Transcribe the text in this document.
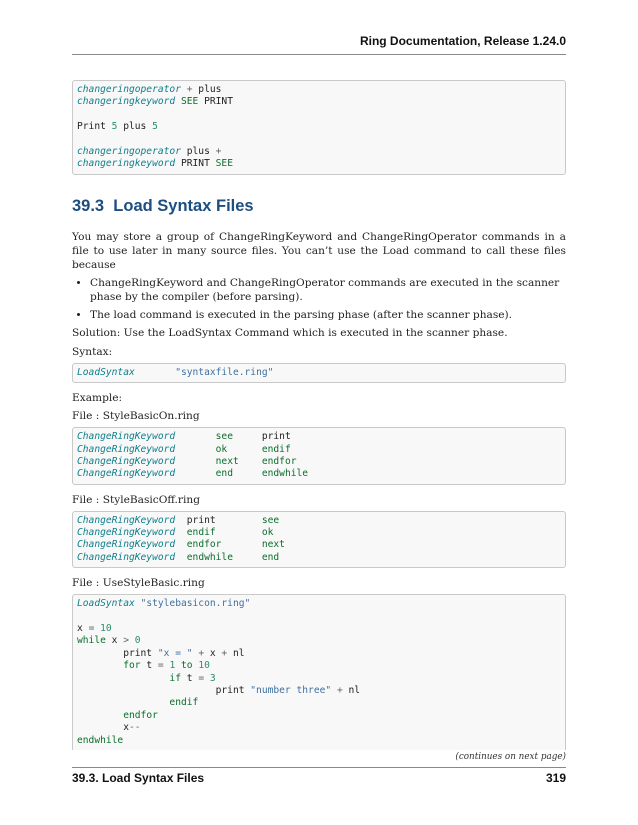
Ring Documentation, Release 1.24.0
changeringoperator + plus
changeringkeyword SEE PRINT

Print 5 plus 5

changeringoperator plus +
changeringkeyword PRINT SEE
39.3 Load Syntax Files

You may store a group of ChangeRingKeyword and ChangeRingOperator commands in a file to use later in many source files. You can’t use the Load command to call these files because

• ChangeRingKeyword and ChangeRingOperator commands are executed in the scanner phase by the compiler (before parsing).
• The load command is executed in the parsing phase (after the scanner phase).

Solution: Use the LoadSyntax Command which is executed in the scanner phase.

Syntax:

LoadSyntax	"syntaxfile.ring"

Example:

File : StyleBasicOn.ring

ChangeRingKeyword	see	print
ChangeRingKeyword	ok	endif
ChangeRingKeyword	next endfor
ChangeRingKeyword	end	endwhile

File : StyleBasicOff.ring

ChangeRingKeyword print	see
ChangeRingKeyword endif	ok
ChangeRingKeyword endfor	next
ChangeRingKeyword endwhile	end

File : UseStyleBasic.ring

LoadSyntax "stylebasicon.ring"

x = 10
while x > 0
print "x = " + x + nl
for t = 1 to 10
if t = 3
print "number three" + nl
endif
endfor
x--
endwhile
(continues on next page)
39.3. Load Syntax Files	319
